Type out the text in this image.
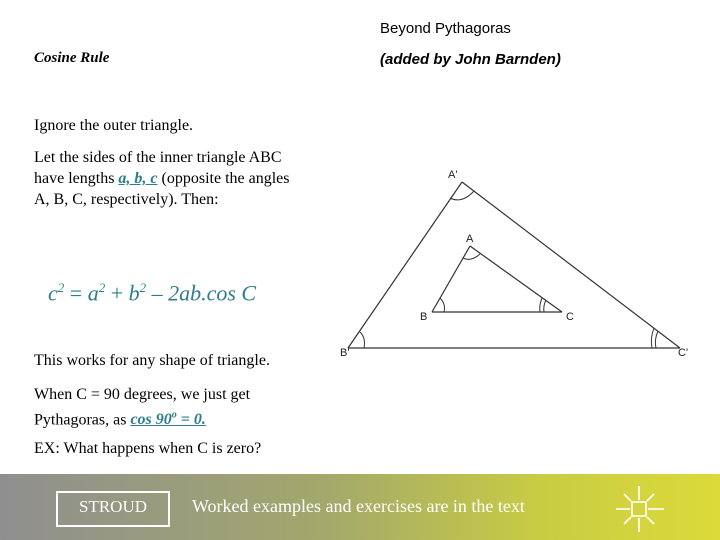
Beyond Pythagoras
(added by John Barnden)
Cosine Rule
Ignore the outer triangle.
Let the sides of the inner triangle ABC have lengths a, b, c (opposite the angles A, B, C, respectively). Then:
$c^2 = a^2 + b^2 - 2ab.\cos$ C
This works for any shape of triangle.
When C = 90 degrees, we just get Pythagoras, as $\cos 90^o = 0$.
EX: What happens when C is zero?
A'
B'	C'
A
B	C
STROUD	Worked examples and exercises are in the text
